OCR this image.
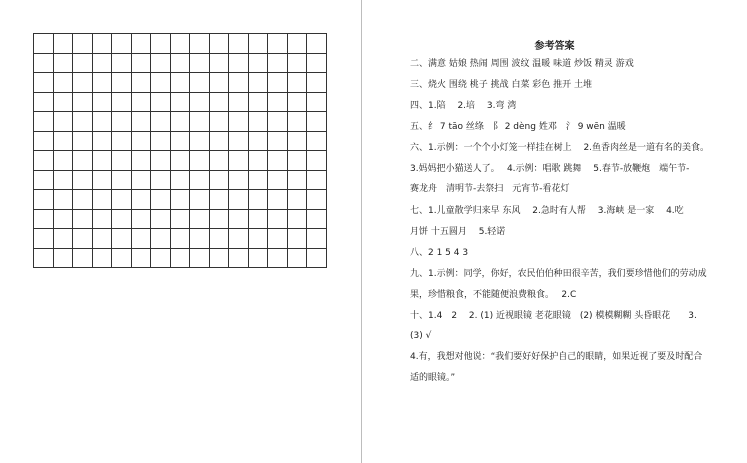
参考答案
二、满意 姑娘 热闹 周围 波纹 温暖 味道 炒饭 精灵 游戏
三、烧火 围绕 桃子 挑战 白菜 彩色 推开 土堆
四、1.陪　 2.培　 3.弯 湾
五、纟 7 tāo 丝绦　阝 2 dèng 姓邓　氵 9 wēn 温暖
六、1.示例：一个个小灯笼一样挂在树上　 2.鱼香肉丝是一道有名的美食。
3.妈妈把小猫送人了。　 4.示例：唱歌 跳舞　 5.春节-放鞭炮　端午节-
赛龙舟　清明节-去祭扫　元宵节-看花灯
七、1.儿童散学归来早 东风　 2.急时有人帮　 3.海峡 是一家　 4.吃
月饼 十五圆月　 5.轻诺
八、2 1 5 4 3
九、1.示例：同学，你好，农民伯伯种田很辛苦，我们要珍惜他们的劳动成
果，珍惜粮食，不能随便浪费粮食。　 2.C
十、1.4　2　 2. (1) 近视眼镜 老花眼镜　(2) 模模糊糊 头昏眼花　　3.
(3) √
4.有，我想对他说：“我们要好好保护自己的眼睛，如果近视了要及时配合
适的眼镜。”
